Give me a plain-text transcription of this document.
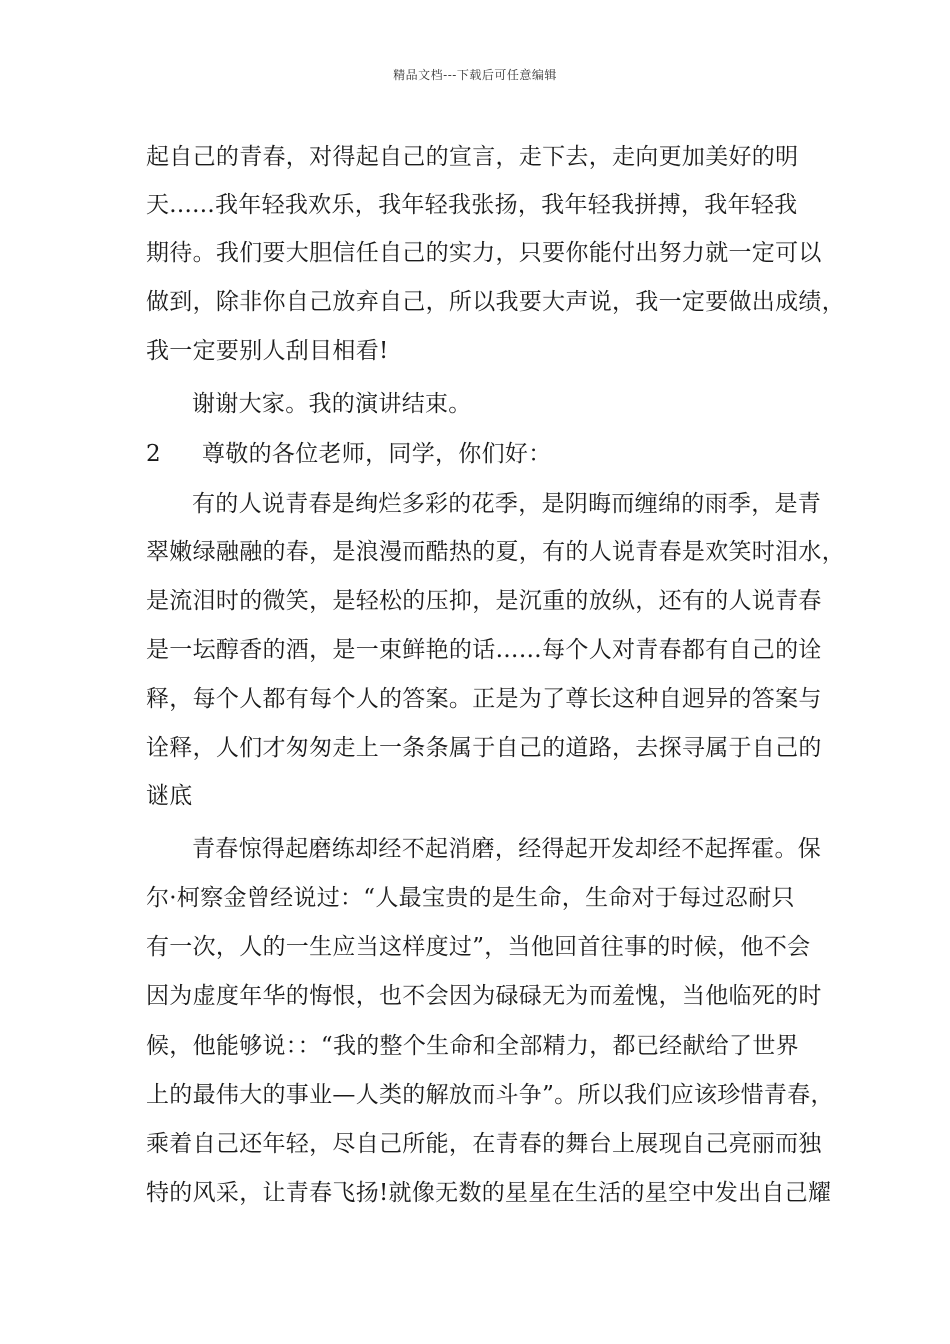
精品文档---下载后可任意编辑
起自己的青春，对得起自己的宣言，走下去，走向更加美好的明
天......我年轻我欢乐，我年轻我张扬，我年轻我拼搏，我年轻我
期待。我们要大胆信任自己的实力，只要你能付出努力就一定可以
做到，除非你自己放弃自己，所以我要大声说，我一定要做出成绩，
我一定要别人刮目相看!
谢谢大家。我的演讲结束。
2 尊敬的各位老师，同学，你们好：
有的人说青春是绚烂多彩的花季，是阴晦而缠绵的雨季，是青
翠嫩绿融融的春，是浪漫而酷热的夏，有的人说青春是欢笑时泪水，
是流泪时的微笑，是轻松的压抑，是沉重的放纵，还有的人说青春
是一坛醇香的酒，是一束鲜艳的话……每个人对青春都有自己的诠
释，每个人都有每个人的答案。正是为了尊长这种自迥异的答案与
诠释，人们才匆匆走上一条条属于自己的道路，去探寻属于自己的
谜底
青春惊得起磨练却经不起消磨，经得起开发却经不起挥霍。保
尔·柯察金曾经说过：“人最宝贵的是生命，生命对于每过忍耐只
有一次，人的一生应当这样度过”，当他回首往事的时候，他不会
因为虚度年华的悔恨，也不会因为碌碌无为而羞愧，当他临死的时
候，他能够说：：“我的整个生命和全部精力，都已经献给了世界
上的最伟大的事业—人类的解放而斗争”。所以我们应该珍惜青春，
乘着自己还年轻，尽自己所能，在青春的舞台上展现自己亮丽而独
特的风采，让青春飞扬!就像无数的星星在生活的星空中发出自己耀
